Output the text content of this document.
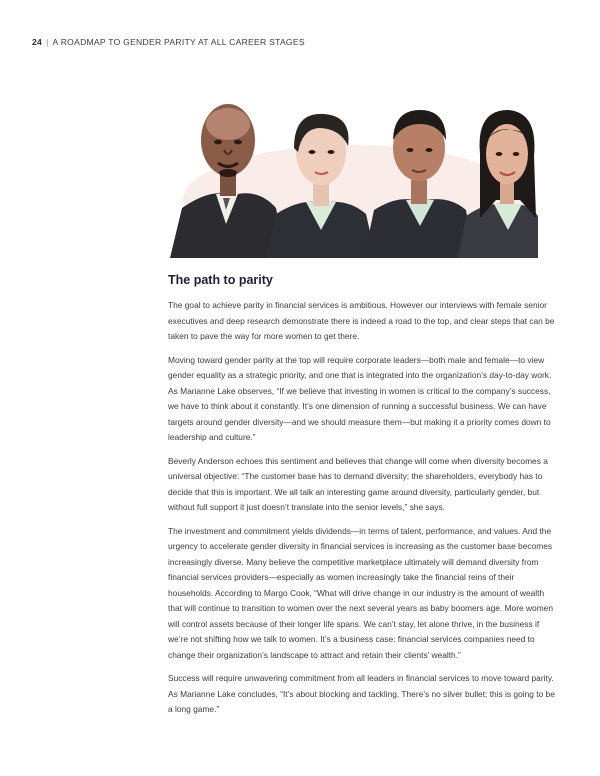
24 | A ROADMAP TO GENDER PARITY AT ALL CAREER STAGES
The path to parity

The goal to achieve parity in financial services is ambitious. However our interviews with female senior executives and deep research demonstrate there is indeed a road to the top, and clear steps that can be taken to pave the way for more women to get there.

Moving toward gender parity at the top will require corporate leaders—both male and female—to view gender equality as a strategic priority, and one that is integrated into the organization’s day-to-day work. As Marianne Lake observes, “If we believe that investing in women is critical to the company’s success, we have to think about it constantly. It’s one dimension of running a successful business. We can have targets around gender diversity—and we should measure them—but making it a priority comes down to leadership and culture.”

Beverly Anderson echoes this sentiment and believes that change will come when diversity becomes a universal objective: “The customer base has to demand diversity; the shareholders, everybody has to decide that this is important. We all talk an interesting game around diversity, particularly gender, but without full support it just doesn’t translate into the senior levels,” she says.

The investment and commitment yields dividends—in terms of talent, performance, and values. And the urgency to accelerate gender diversity in financial services is increasing as the customer base becomes increasingly diverse. Many believe the competitive marketplace ultimately will demand diversity from financial services providers—especially as women increasingly take the financial reins of their households. According to Margo Cook, “What will drive change in our industry is the amount of wealth that will continue to transition to women over the next several years as baby boomers age. More women will control assets because of their longer life spans. We can’t stay, let alone thrive, in the business if we’re not shifting how we talk to women. It’s a business case: financial services companies need to change their organization’s landscape to attract and retain their clients’ wealth.”

Success will require unwavering commitment from all leaders in financial services to move toward parity. As Marianne Lake concludes, “It’s about blocking and tackling. There’s no silver bullet; this is going to be a long game.”
